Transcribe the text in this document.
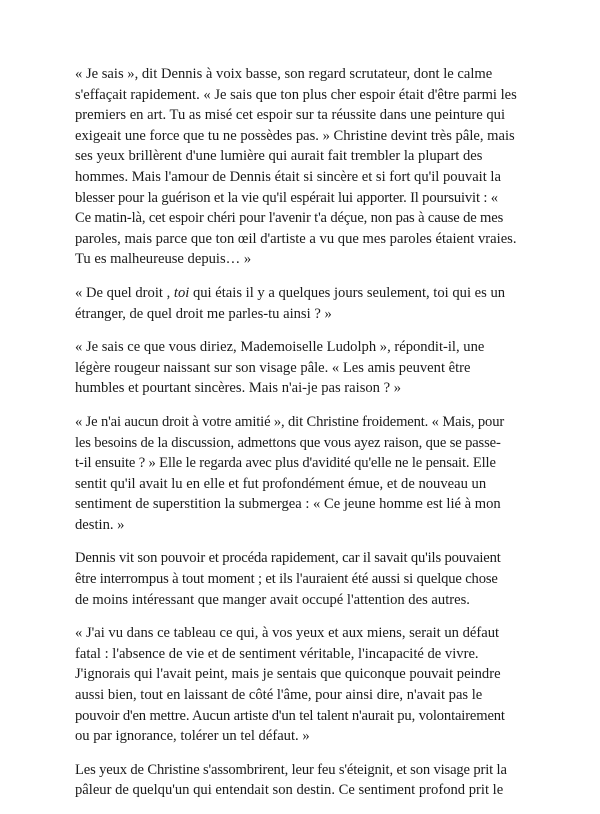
« Je sais », dit Dennis à voix basse, son regard scrutateur, dont le calme
s'effaçait rapidement. « Je sais que ton plus cher espoir était d'être parmi les
premiers en art. Tu as misé cet espoir sur ta réussite dans une peinture qui
exigeait une force que tu ne possèdes pas. » Christine devint très pâle, mais
ses yeux brillèrent d'une lumière qui aurait fait trembler la plupart des
hommes. Mais l'amour de Dennis était si sincère et si fort qu'il pouvait la
blesser pour la guérison et la vie qu'il espérait lui apporter. Il poursuivit : «
Ce matin-là, cet espoir chéri pour l'avenir t'a déçue, non pas à cause de mes
paroles, mais parce que ton œil d'artiste a vu que mes paroles étaient vraies.
Tu es malheureuse depuis… »

« De quel droit , toi qui étais il y a quelques jours seulement, toi qui es un
étranger, de quel droit me parles-tu ainsi ? »

« Je sais ce que vous diriez, Mademoiselle Ludolph », répondit-il, une
légère rougeur naissant sur son visage pâle. « Les amis peuvent être
humbles et pourtant sincères. Mais n'ai-je pas raison ? »

« Je n'ai aucun droit à votre amitié », dit Christine froidement. « Mais, pour
les besoins de la discussion, admettons que vous ayez raison, que se passe-
t-il ensuite ? » Elle le regarda avec plus d'avidité qu'elle ne le pensait. Elle
sentit qu'il avait lu en elle et fut profondément émue, et de nouveau un
sentiment de superstition la submergea : « Ce jeune homme est lié à mon
destin. »

Dennis vit son pouvoir et procéda rapidement, car il savait qu'ils pouvaient
être interrompus à tout moment ; et ils l'auraient été aussi si quelque chose
de moins intéressant que manger avait occupé l'attention des autres.

« J'ai vu dans ce tableau ce qui, à vos yeux et aux miens, serait un défaut
fatal : l'absence de vie et de sentiment véritable, l'incapacité de vivre.
J'ignorais qui l'avait peint, mais je sentais que quiconque pouvait peindre
aussi bien, tout en laissant de côté l'âme, pour ainsi dire, n'avait pas le
pouvoir d'en mettre. Aucun artiste d'un tel talent n'aurait pu, volontairement
ou par ignorance, tolérer un tel défaut. »

Les yeux de Christine s'assombrirent, leur feu s'éteignit, et son visage prit la
pâleur de quelqu'un qui entendait son destin. Ce sentiment profond prit le
